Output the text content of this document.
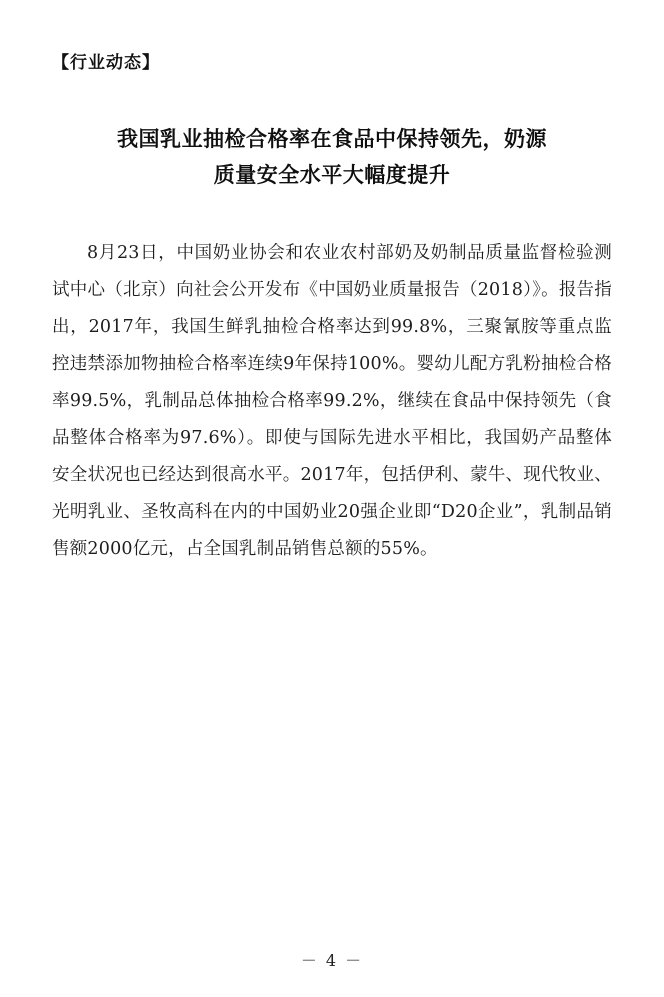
【行业动态】
我国乳业抽检合格率在食品中保持领先，奶源
质量安全水平大幅度提升

8月23日，中国奶业协会和农业农村部奶及奶制品质量监督检验测试中心（北京）向社会公开发布《中国奶业质量报告（2018）》。报告指出，2017年，我国生鲜乳抽检合格率达到99.8%，三聚氰胺等重点监控违禁添加物抽检合格率连续9年保持100%。婴幼儿配方乳粉抽检合格率99.5%，乳制品总体抽检合格率99.2%，继续在食品中保持领先（食品整体合格率为97.6%）。即使与国际先进水平相比，我国奶产品整体安全状况也已经达到很高水平。2017年，包括伊利、蒙牛、现代牧业、光明乳业、圣牧高科在内的中国奶业20强企业即“D20企业”，乳制品销售额2000亿元，占全国乳制品销售总额的55%。

－ 4 －
